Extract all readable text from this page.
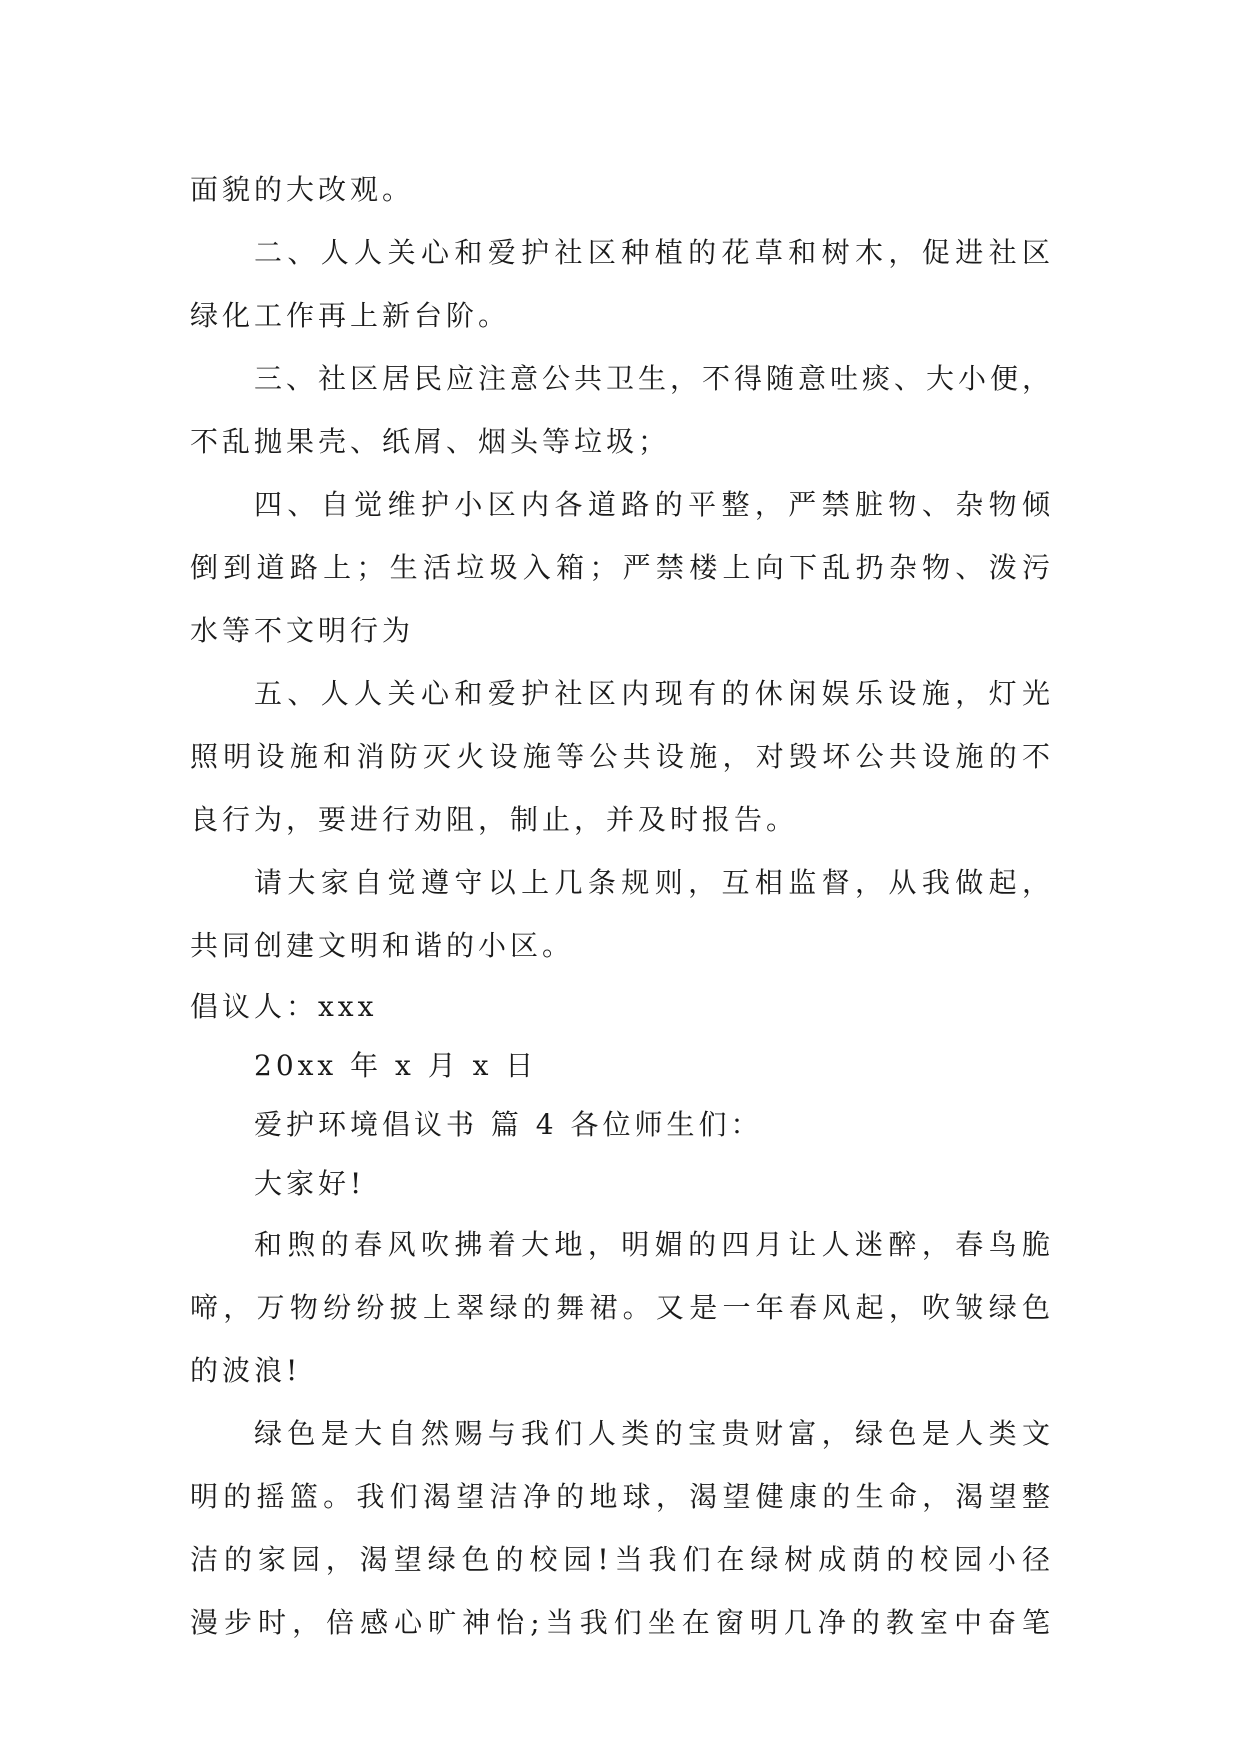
面貌的大改观。
二、人人关心和爱护社区种植的花草和树木，促进社区
绿化工作再上新台阶。
三、社区居民应注意公共卫生，不得随意吐痰、大小便，
不乱抛果壳、纸屑、烟头等垃圾；
四、自觉维护小区内各道路的平整，严禁脏物、杂物倾
倒到道路上；生活垃圾入箱；严禁楼上向下乱扔杂物、泼污
水等不文明行为
五、人人关心和爱护社区内现有的休闲娱乐设施，灯光
照明设施和消防灭火设施等公共设施，对毁坏公共设施的不
良行为，要进行劝阻，制止，并及时报告。
请大家自觉遵守以上几条规则，互相监督，从我做起，
共同创建文明和谐的小区。
倡议人：xxx
20xx 年 x 月 x 日
爱护环境倡议书 篇 4 各位师生们：
大家好!
和煦的春风吹拂着大地，明媚的四月让人迷醉，春鸟脆
啼，万物纷纷披上翠绿的舞裙。又是一年春风起，吹皱绿色
的波浪!
绿色是大自然赐与我们人类的宝贵财富，绿色是人类文
明的摇篮。我们渴望洁净的地球，渴望健康的生命，渴望整
洁的家园，渴望绿色的校园!当我们在绿树成荫的校园小径
漫步时，倍感心旷神怡;当我们坐在窗明几净的教室中奋笔
